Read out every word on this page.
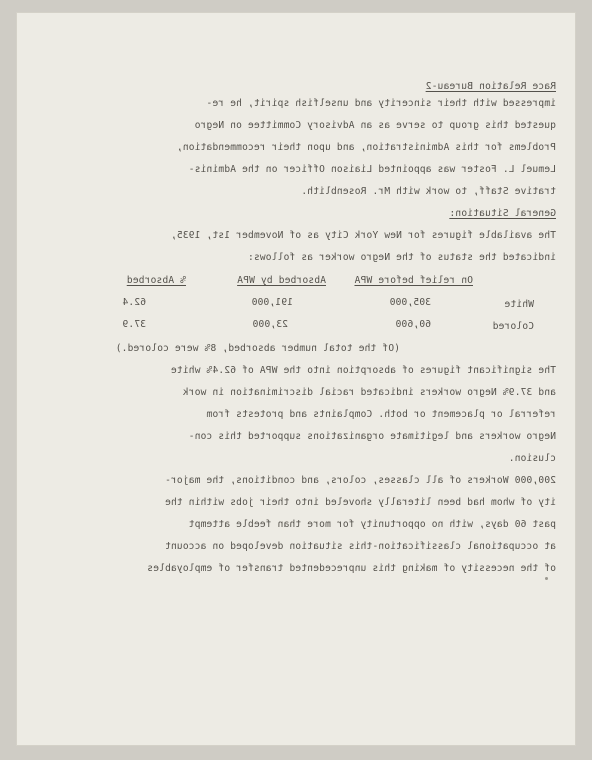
Race Relation Bureau-2
impressed with their sincerity and unselfish spirit, he re-
quested this group to serve as an Advisory Committee on Negro
Problems for this Administration, and upon their recommendation,
Lemuel L. Foster was appointed Liaison Officer on the Adminis-
trative Staff, to work with Mr. Rosenblith.
General Situation:
The available figures for New York City as of November 1st, 1935,
indicated the status of the Negro worker as follows:
On relief before WPA
Absorbed by WPA
% Absorbed
White
305,000
191,000
62.4
Colored
60,600
23,000
37.9
(Of the total number absorbed, 8% were colored.)
The significant figures of absorption into the WPA of 62.4% white
and 37.9% Negro workers indicated racial discrimination in work
referral or placement or both. Complaints and protests from
Negro workers and legitimate organizations supported this con-
clusion.
200,000 Workers of all classes, colors, and conditions, the major-
ity of whom had been literally shoveled into their jobs within the
past 60 days, with no opportunity for more than feeble attempt
at occupational classification-this situation developed on account
of the necessity of making this unprecedented transfer of employables
